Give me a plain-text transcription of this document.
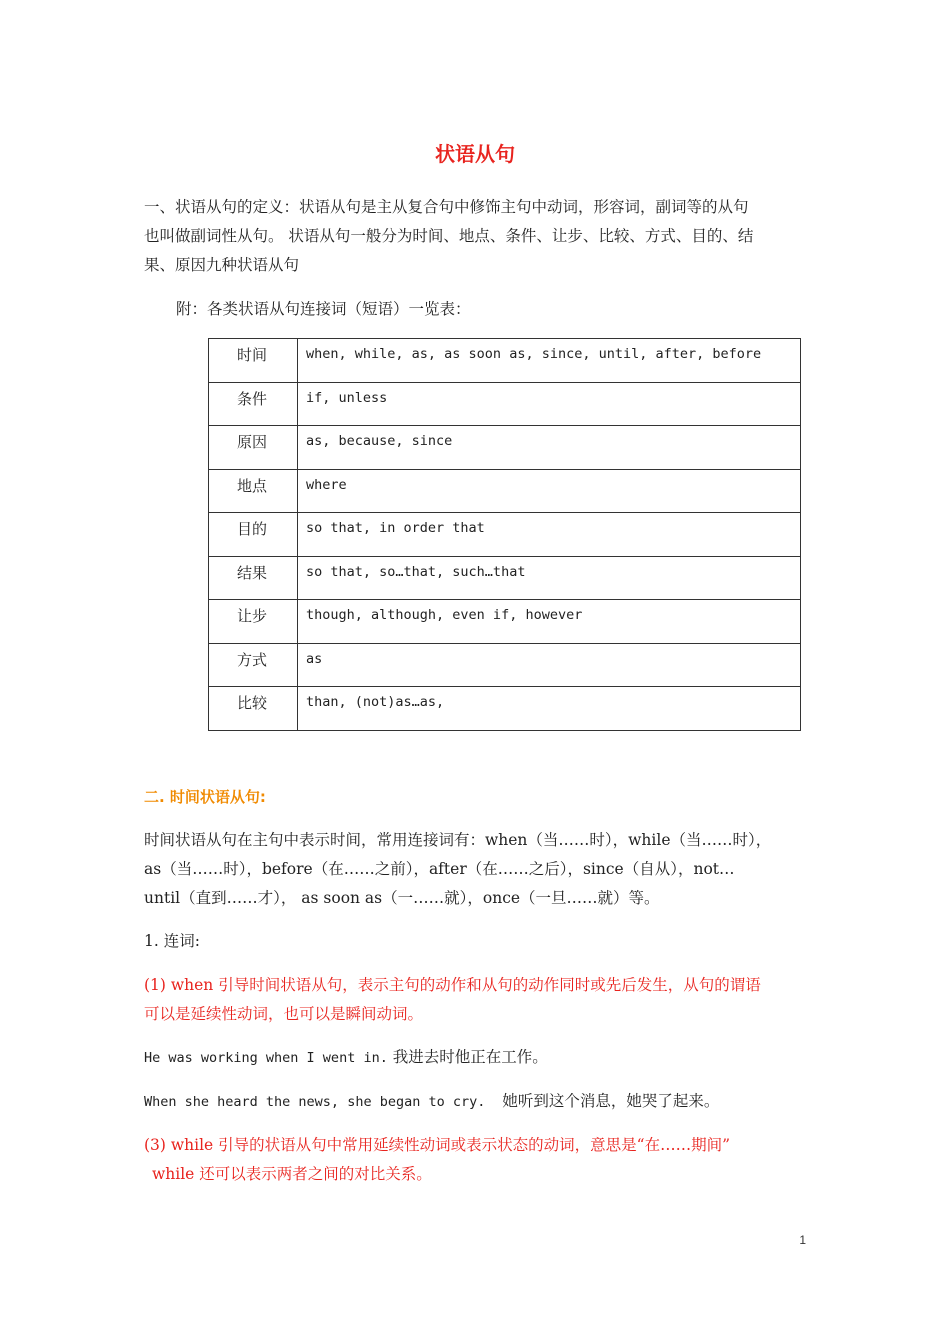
状语从句
一、状语从句的定义：状语从句是主从复合句中修饰主句中动词，形容词，副词等的从句
也叫做副词性从句。 状语从句一般分为时间、地点、条件、让步、比较、方式、目的、结
果、原因九种状语从句
附：各类状语从句连接词（短语）一览表：
时间	when, while, as, as soon as, since, until, after, before
条件	if, unless
原因	as, because, since
地点	where
目的	so that, in order that
结果	so that, so…that, such…that
让步	though, although, even if, however
方式	as
比较	than, (not)as…as,
二. 时间状语从句:
时间状语从句在主句中表示时间，常用连接词有：when（当……时），while（当……时），
as（当……时），before（在……之前），after（在……之后），since（自从），not…
until（直到……才）， as soon as（一……就），once（一旦……就）等。
1. 连词:
(1) when 引导时间状语从句，表示主句的动作和从句的动作同时或先后发生，从句的谓语
可以是延续性动词，也可以是瞬间动词。
He was working when I went in. 我进去时他正在工作。
When she heard the news, she began to cry. 她听到这个消息，她哭了起来。
(3) while 引导的状语从句中常用延续性动词或表示状态的动词，意思是“在……期间”
while 还可以表示两者之间的对比关系。
1
